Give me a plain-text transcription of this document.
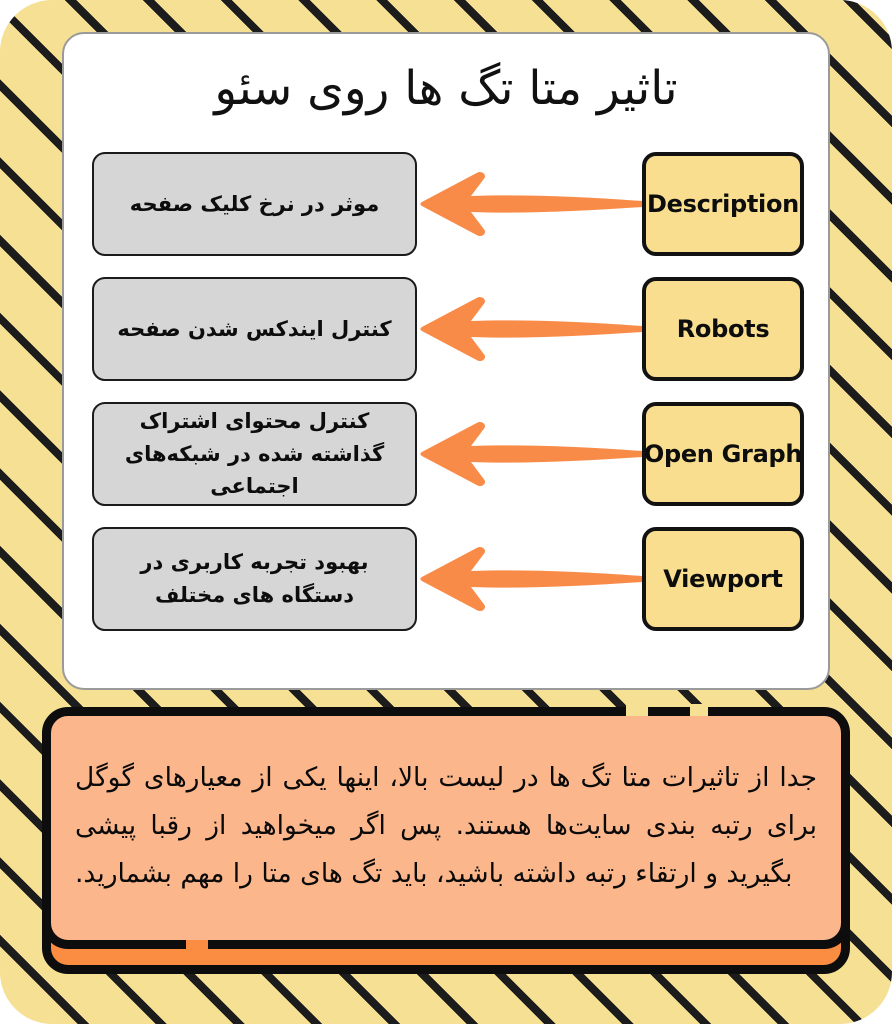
تاثیر متا تگ ها روی سئو
موثر در نرخ کلیک صفحه	Description
کنترل ایندکس شدن صفحه	Robots
کنترل محتوای اشتراک گذاشته شده در شبکه‌های اجتماعی
Open Graph
بهبود تجربه کاربری در دستگاه های مختلف
Viewport
جدا از تاثیرات متا تگ ها در لیست بالا، اینها یکی از معیارهای گوگل برای رتبه بندی سایت‌ها هستند. پس اگر میخواهید از رقبا پیشی بگیرید و ارتقاء رتبه داشته باشید، باید تگ های متا را مهم بشمارید.
